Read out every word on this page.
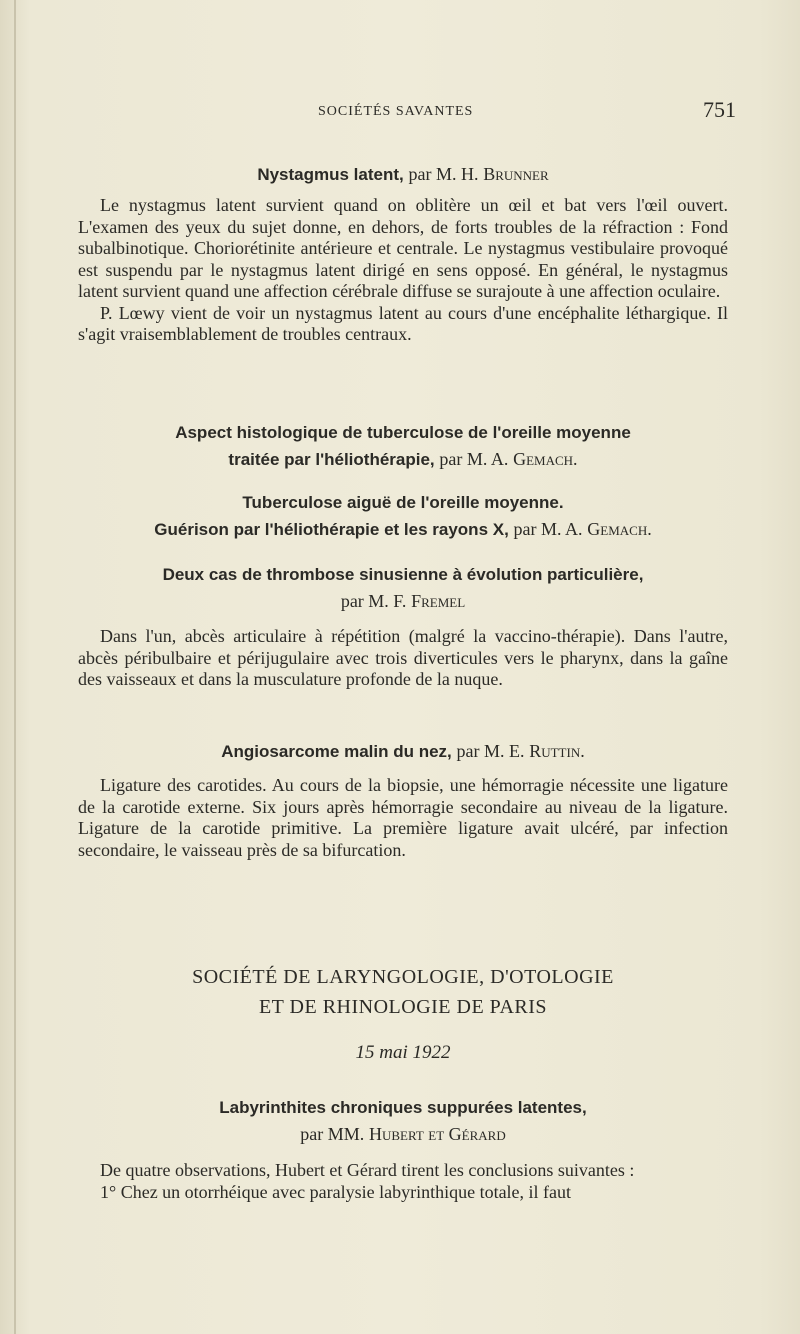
SOCIÉTÉS SAVANTES	751
Nystagmus latent, par M. H. Brunner

Le nystagmus latent survient quand on oblitère un œil et bat vers l'œil ouvert. L'examen des yeux du sujet donne, en dehors, de forts troubles de la réfraction : Fond subalbinotique. Choriorétinite antérieure et centrale. Le nystagmus vestibulaire provoqué est suspendu par le nystagmus latent dirigé en sens opposé. En général, le nystagmus latent survient quand une affection cérébrale diffuse se surajoute à une affection oculaire.

P. Lœwy vient de voir un nystagmus latent au cours d'une encéphalite léthargique. Il s'agit vraisemblablement de troubles centraux.

Aspect histologique de tuberculose de l'oreille moyenne
traitée par l'héliothérapie, par M. A. Gemach.
Tuberculose aiguë de l'oreille moyenne.
Guérison par l'héliothérapie et les rayons X, par M. A. Gemach.
Deux cas de thrombose sinusienne à évolution particulière,
par M. F. Fremel

Dans l'un, abcès articulaire à répétition (malgré la vaccino-thérapie). Dans l'autre, abcès péribulbaire et périjugulaire avec trois diverticules vers le pharynx, dans la gaîne des vaisseaux et dans la musculature profonde de la nuque.

Angiosarcome malin du nez, par M. E. Ruttin.

Ligature des carotides. Au cours de la biopsie, une hémorragie nécessite une ligature de la carotide externe. Six jours après hémorragie secondaire au niveau de la ligature. Ligature de la carotide primitive. La première ligature avait ulcéré, par infection secondaire, le vaisseau près de sa bifurcation.

SOCIÉTÉ DE LARYNGOLOGIE, D'OTOLOGIE
ET DE RHINOLOGIE DE PARIS
15 mai 1922
Labyrinthites chroniques suppurées latentes,
par MM. Hubert et Gérard

De quatre observations, Hubert et Gérard tirent les conclusions suivantes :

1° Chez un otorrhéique avec paralysie labyrinthique totale, il faut
